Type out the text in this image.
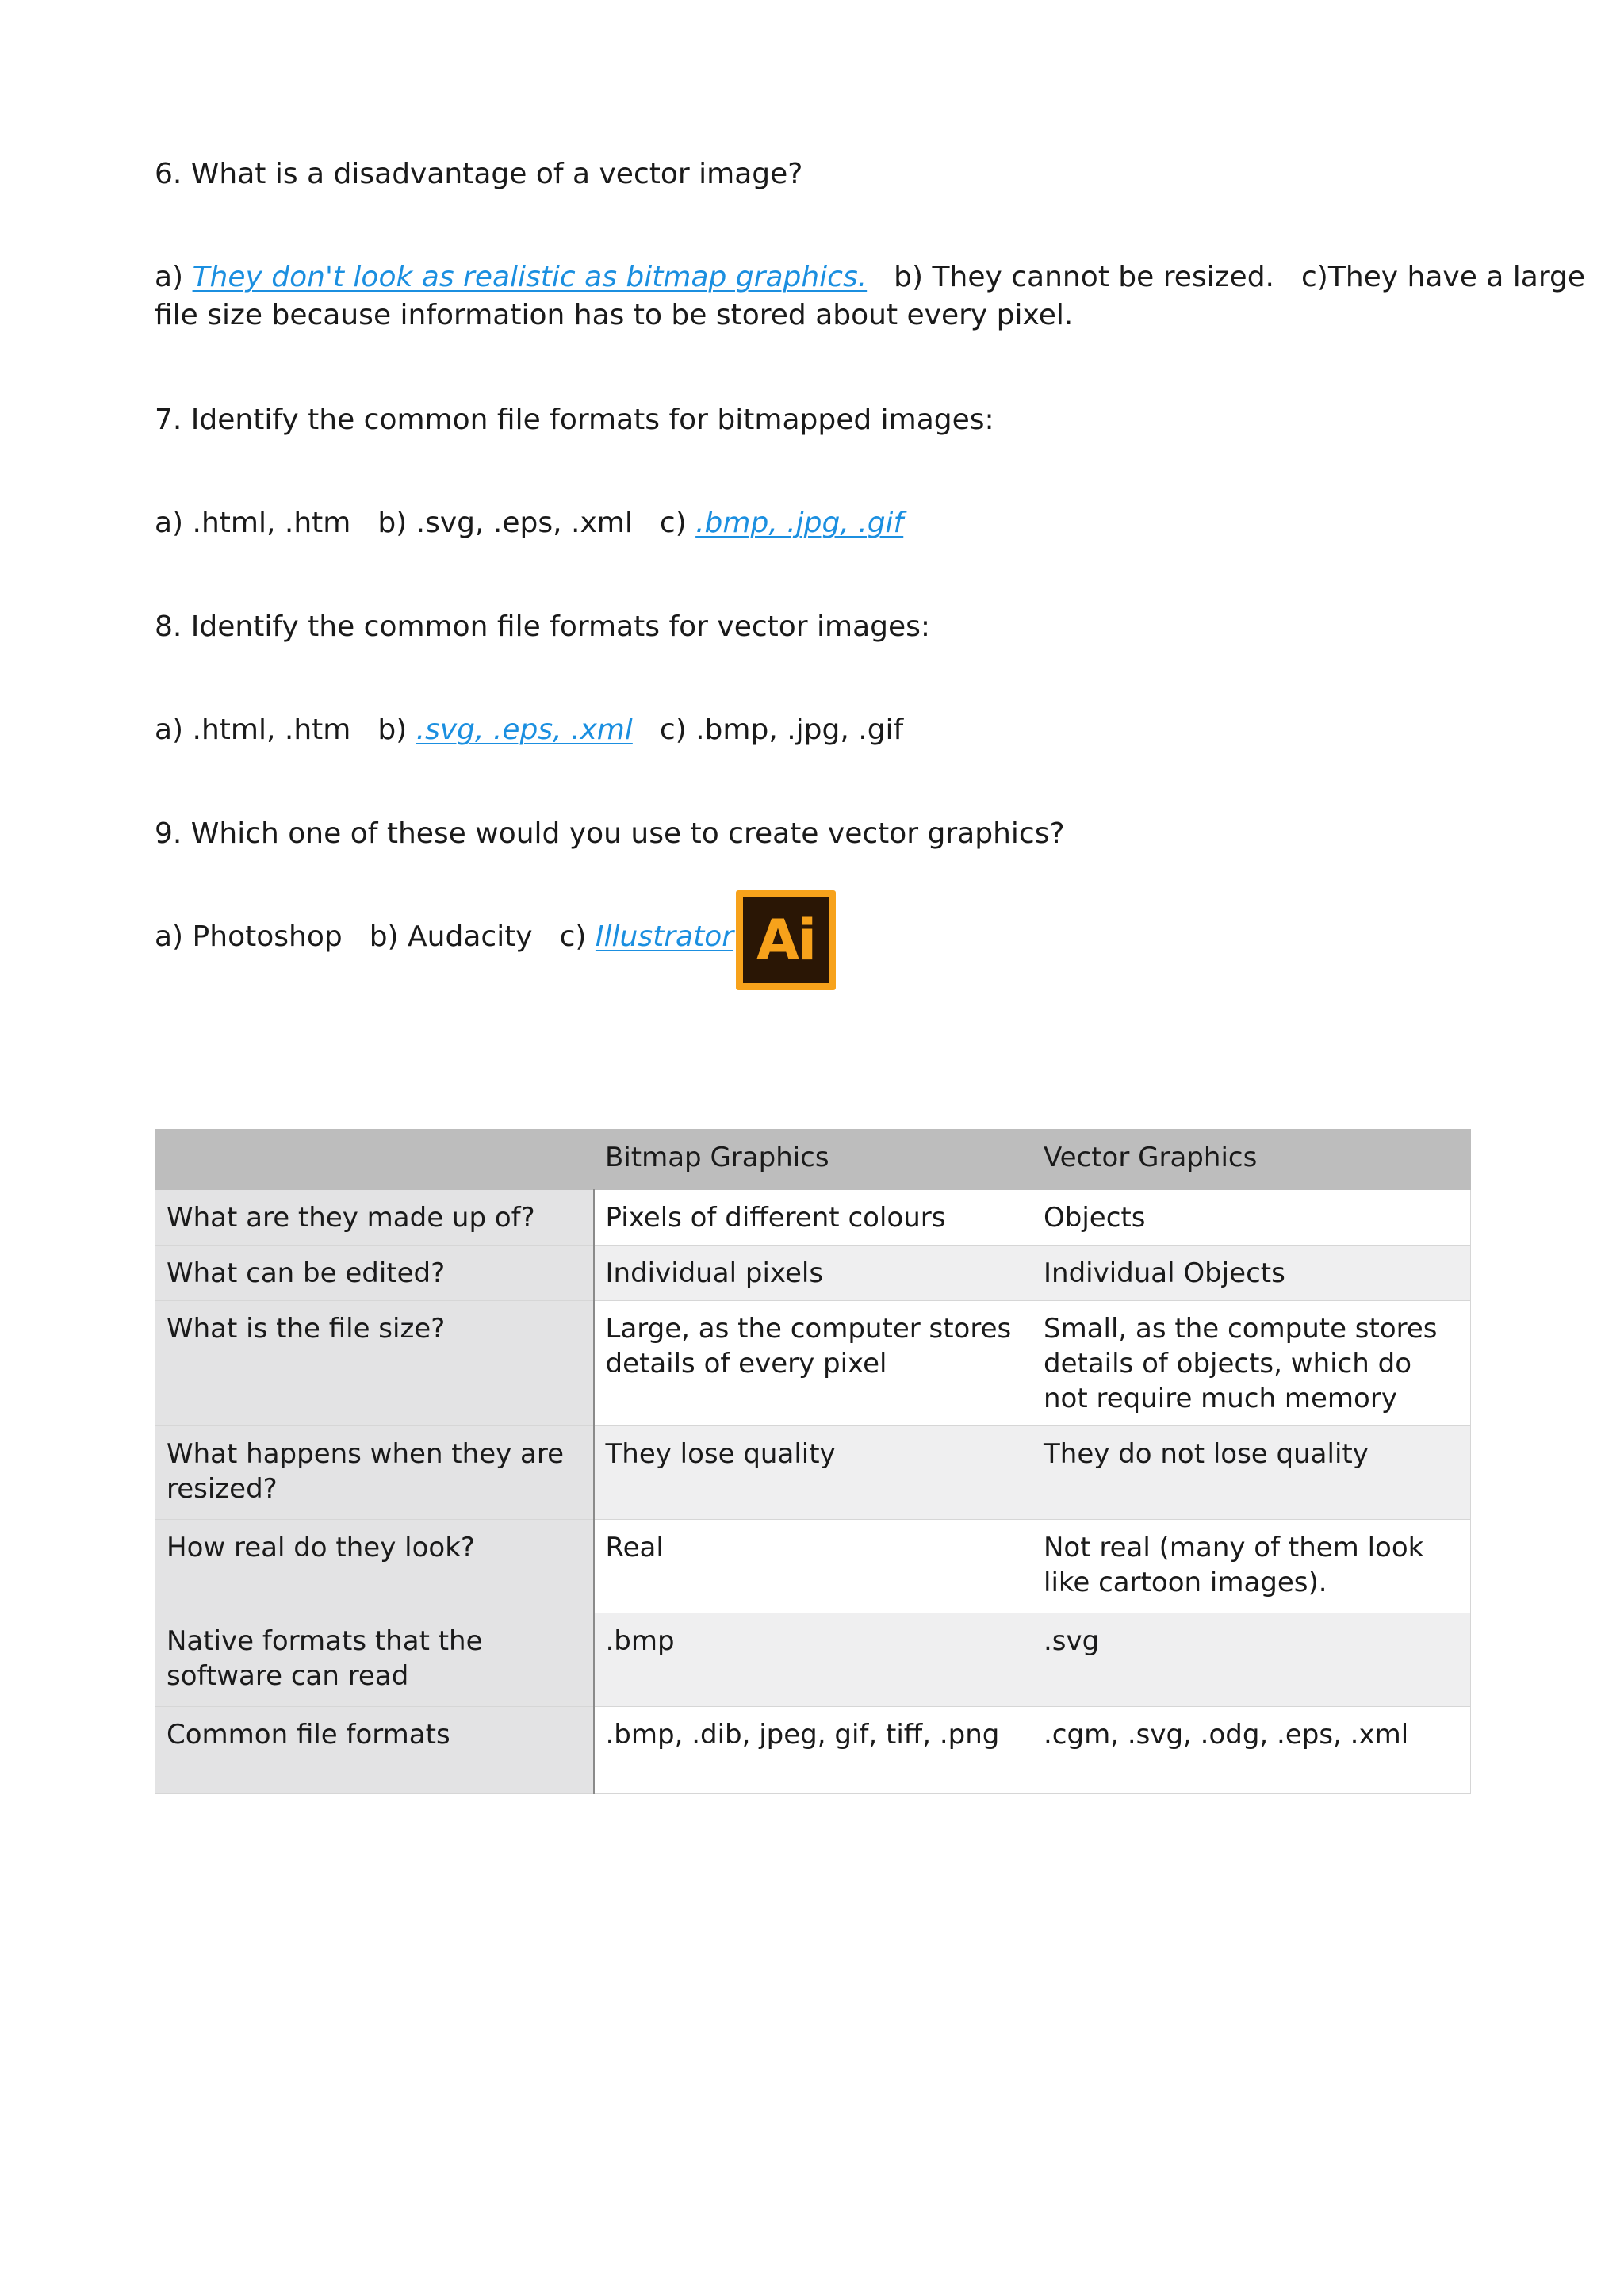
6. What is a disadvantage of a vector image?
a) They don't look as realistic as bitmap graphics. b) They cannot be resized. c)They have a large
file size because information has to be stored about every pixel.
7. Identify the common file formats for bitmapped images:
a) .html, .htm b) .svg, .eps, .xml c) .bmp, .jpg, .gif
8. Identify the common file formats for vector images:
a) .html, .htm b) .svg, .eps, .xml c) .bmp, .jpg, .gif
9. Which one of these would you use to create vector graphics?
a) Photoshop b) Audacity c) Illustrator Ai
	Bitmap Graphics	Vector Graphics
What are they made up of?	Pixels of different colours	Objects
What can be edited?	Individual pixels	Individual Objects
What is the file size?	Large, as the computer stores details of every pixel	Small, as the compute stores details of objects, which do not require much memory
What happens when they are resized?	They lose quality	They do not lose quality
How real do they look?	Real	Not real (many of them look like cartoon images).
Native formats that the software can read	.bmp	.svg
Common file formats	.bmp, .dib, jpeg, gif, tiff, .png	.cgm, .svg, .odg, .eps, .xml
